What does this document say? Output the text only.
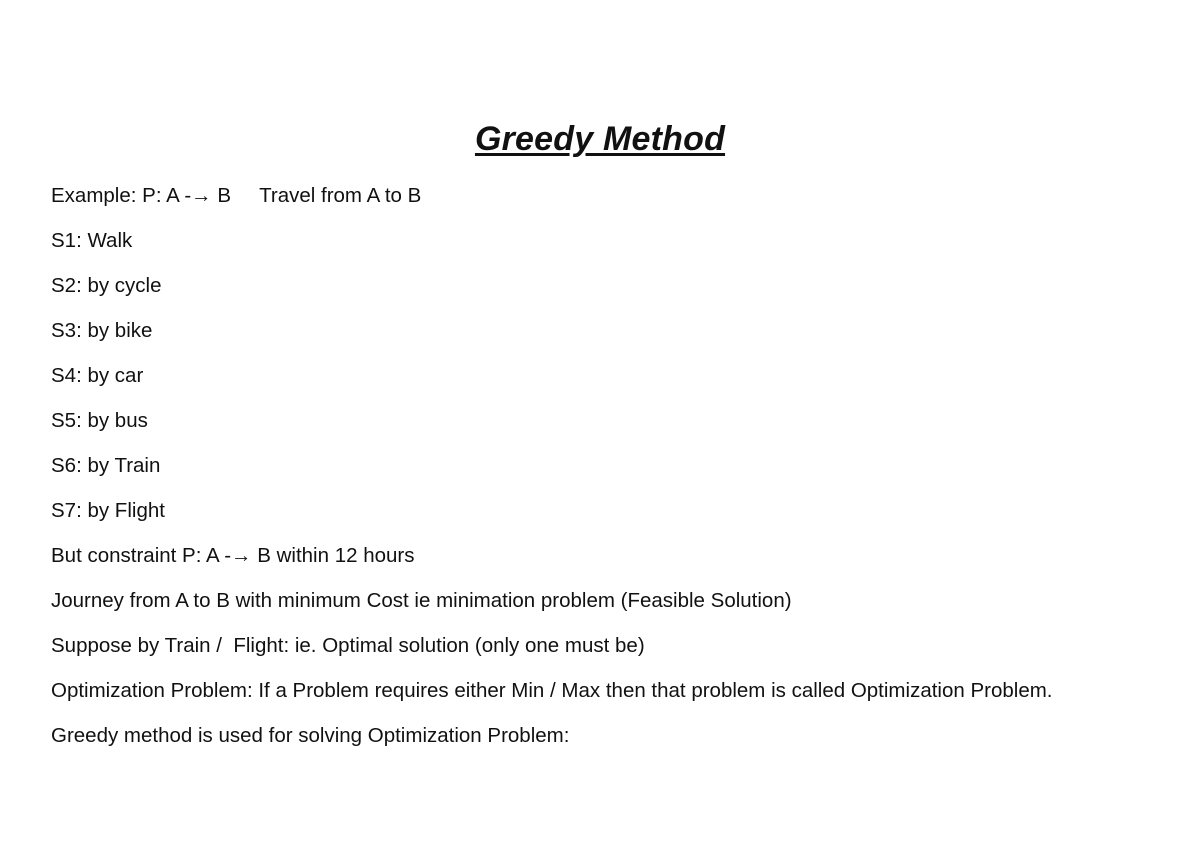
Greedy Method
Example: P: A -→ B     Travel from A to B
S1: Walk
S2: by cycle
S3: by bike
S4: by car
S5: by bus
S6: by Train
S7: by Flight
But constraint P: A -→ B within 12 hours
Journey from A to B with minimum Cost ie minimation problem (Feasible Solution)
Suppose by Train /  Flight: ie. Optimal solution (only one must be)
Optimization Problem: If a Problem requires either Min / Max then that problem is called Optimization Problem.
Greedy method is used for solving Optimization Problem:
